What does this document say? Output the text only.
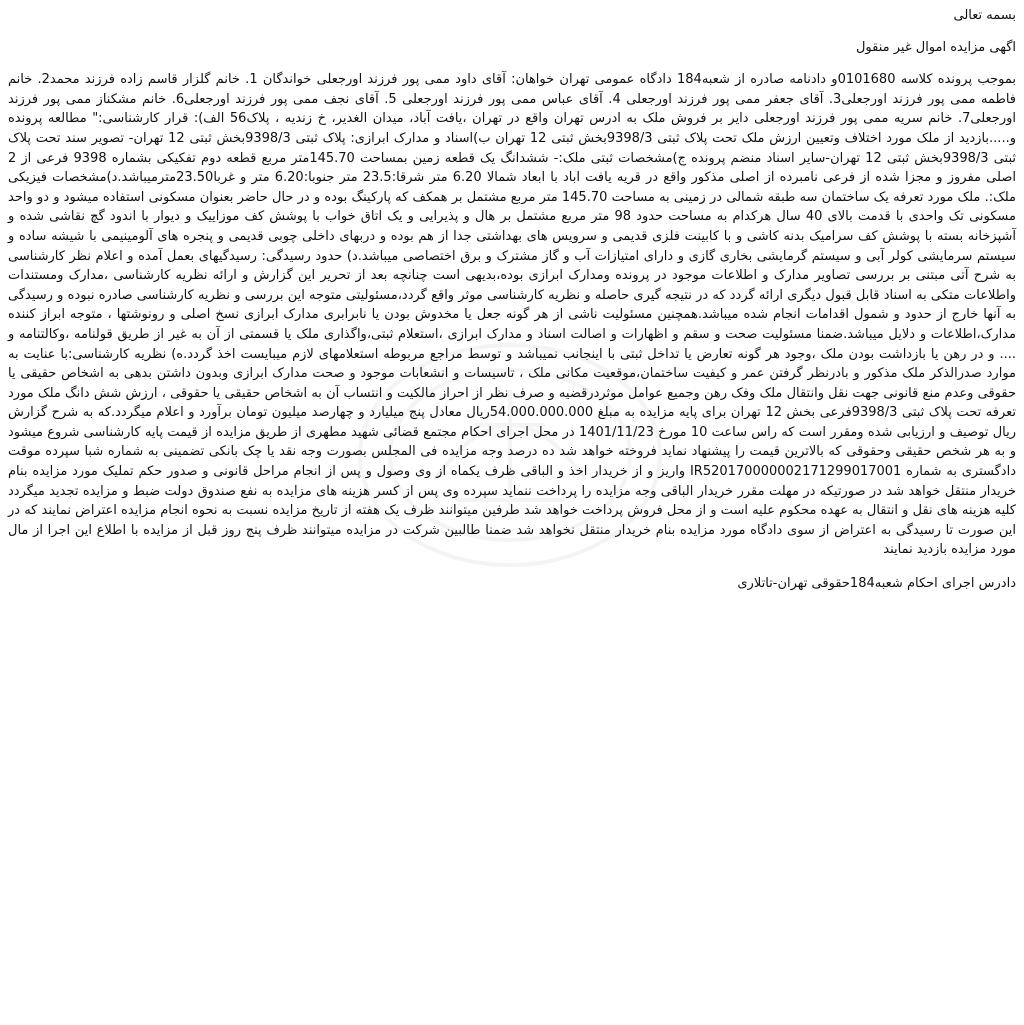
بسمه تعالی

اگهی مزایده اموال غیر منقول

بموجب پرونده کلاسه 0101680و دادنامه صادره از شعبه184 دادگاه عمومی تهران خواهان: آقای داود ممی پور فرزند اورجعلی خواندگان 1. خانم گلزار قاسم زاده فرزند محمد2. خانم فاطمه ممی پور فرزند اورجعلی3. آقای جعفر ممی پور فرزند اورجعلی 4. آقای عباس ممی پور فرزند اورجعلی 5. آقای نجف ممی پور فرزند اورجعلی6. خانم مشکناز ممی پور فرزند اورجعلی7. خانم سریه ممی پور فرزند اورجعلی دایر بر فروش ملک به ادرس تهران واقع در تهران ،یافت آباد، میدان الغدیر، خ زندیه ، پلاک56 الف): قرار کارشناسی:" مطالعه پرونده و.....بازدید از ملک مورد اختلاف وتعیین ارزش ملک تحت پلاک ثبتی 9398/3بخش ثبتی 12 تهران ب)اسناد و مدارک ابرازی: پلاک ثبتی 9398/3بخش ثبتی 12 تهران- تصویر سند تحت پلاک ثبتی 9398/3بخش ثبتی 12 تهران-سایر اسناد منضم پرونده ج)مشخصات ثبتی ملک:- ششدانگ یک قطعه زمین بمساحت 145.70متر مربع قطعه دوم تفکیکی بشماره 9398 فرعی از 2 اصلی مفروز و مجزا شده از فرعی نامبرده از اصلی مذکور واقع در قریه یافت اباد با ابعاد شمالا 6.20 متر شرقا:23.5 متر جنوبا:6.20 متر و غربا23.50مترمیباشد.د)مشخصات فیزیکی ملک:. ملک مورد تعرفه یک ساختمان سه طبقه شمالی در زمینی به مساحت 145.70 متر مربع مشتمل بر همکف که پارکینگ بوده و در حال حاضر بعنوان مسکونی استفاده میشود و دو واحد مسکونی تک واحدی با قدمت بالای 40 سال هرکدام به مساحت حدود 98 متر مربع مشتمل بر هال و پذیرایی و یک اتاق خواب با پوشش کف موزاییک و دیوار با اندود گچ نقاشی شده و آشپزخانه بسته با پوشش کف سرامیک بدنه کاشی و با کابینت فلزی قدیمی و سرویس های بهداشتی جدا از هم بوده و دربهای داخلی چوبی قدیمی و پنجره های آلومینیمی با شیشه ساده و سیستم سرمایشی کولر آبی و سیستم گرمایشی بخاری گازی و دارای امتیازات آب و گاز مشترک و برق اختصاصی میباشد.د) حدود رسیدگی: رسیدگیهای بعمل آمده و اعلام نظر کارشناسی به شرح آتی مبتنی بر بررسی تصاویر مدارک و اطلاعات موجود در پرونده ومدارک ابرازی بوده،بدیهی است چنانچه بعد از تحریر این گزارش و ارائه نظریه کارشناسی ،مدارک ومستندات واطلاعات متکی به اسناد قابل قبول دیگری ارائه گردد که در نتیجه گیری حاصله و نظریه کارشناسی موثر واقع گردد،مسئولیتی متوجه این بررسی و نظریه کارشناسی صادره نبوده و رسیدگی به آنها خارج از حدود و شمول اقدامات انجام شده میباشد.همچنین مسئولیت ناشی از هر گونه جعل یا مخدوش بودن یا نابرابری مدارک ابرازی نسخ اصلی و رونوشتها ، متوجه ابراز کننده مدارک،اطلاعات و دلایل میباشد.ضمنا مسئولیت صحت و سقم و اظهارات و اصالت اسناد و مدارک ابرازی ،استعلام ثبتی،واگذاری ملک یا قسمتی از آن به غیر از طریق قولنامه ،وکالتنامه و .... و در رهن یا بازداشت بودن ملک ،وجود هر گونه تعارض یا تداخل ثبتی با اینجانب نمیباشد و توسط مراجع مربوطه استعلامهای لازم میبایست اخذ گردد.ه) نظریه کارشناسی:با عنایت به موارد صدرالذکر ملک مذکور و بادرنظر گرفتن عمر و کیفیت ساختمان،موقعیت مکانی ملک ، تاسیسات و انشعابات موجود و صحت مدارک ابرازی وبدون داشتن بدهی به اشخاص حقیقی یا حقوقی وعدم منع قانونی جهت نقل وانتقال ملک وفک رهن وجمیع عوامل موثردرقضیه و صرف نظر از احراز مالکیت و انتساب آن به اشخاص حقیقی یا حقوقی ، ارزش شش دانگ ملک مورد تعرفه تحت پلاک ثبتی 9398/3فرعی بخش 12 تهران برای پایه مزایده به مبلغ 54.000.000.000ریال معادل پنج میلیارد و چهارصد میلیون تومان برآورد و اعلام میگردد.که به شرح گزارش ریال توصیف و ارزیابی شده ومقرر است که راس ساعت 10 مورخ 1401/11/23 در محل اجرای احکام مجتمع قضائی شهید مطهری از طریق مزایده از قیمت پایه کارشناسی شروع میشود و به هر شخص حقیقی وحقوقی که بالاترین قیمت را پیشنهاد نماید فروخته خواهد شد ده درصد وجه مزایده فی المجلس بصورت وجه نقد یا چک بانکی تضمینی به شماره شبا سپرده موقت دادگستری به شماره IR520170000002171299017001 واریز و از خریدار اخذ و الباقی ظرف یکماه از وی وصول و پس از انجام مراحل قانونی و صدور حکم تملیک مورد مزایده بنام خریدار منتقل خواهد شد در صورتیکه در مهلت مقرر خریدار الباقی وجه مزایده را پرداخت ننماید سپرده وی پس از کسر هزینه های مزایده به نفع صندوق دولت ضبط و مزایده تجدید میگردد کلیه هزینه های نقل و انتقال به عهده محکوم علیه است و از محل فروش پرداخت خواهد شد طرفین میتوانند ظرف یک هفته از تاریخ مزایده نسبت به نحوه انجام مزایده اعتراض نمایند که در این صورت تا رسیدگی به اعتراض از سوی دادگاه مورد مزایده بنام خریدار منتقل نخواهد شد ضمنا طالبین شرکت در مزایده میتوانند ظرف پنج روز قبل از مزایده با اطلاع این اجرا از مال مورد مزایده بازدید نمایند

دادرس اجرای احکام شعبه184حقوقی تهران-تاتلاری
